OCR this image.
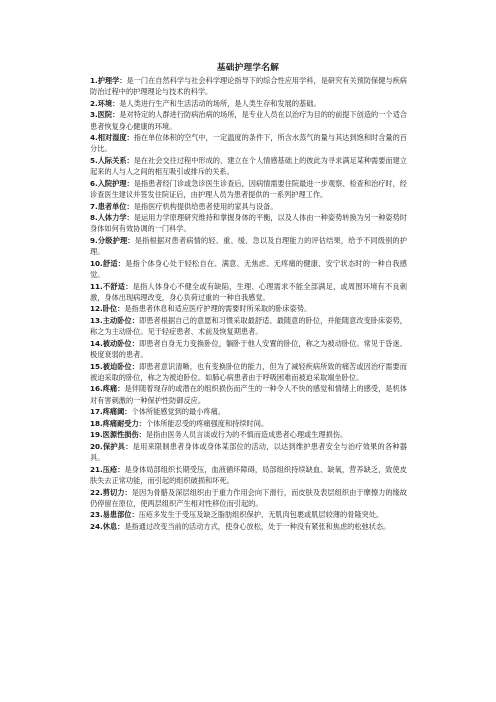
基础护理学名解
1.护理学：是一门在自然科学与社会科学理论指导下的综合性应用学科，是研究有关预防保健与疾病防治过程中的护理理论与技术的科学。
2.环境：是人类进行生产和生活活动的场所，是人类生存和发展的基础。
3.医院：是对特定的人群进行防病治病的场所，是专业人员在以治疗为目的的前提下创造的一个适合患者恢复身心健康的环境。
4.相对湿度：指在单位体积的空气中，一定温度的条件下，所含水蒸气的量与其达到饱和时含量的百分比。
5.人际关系：是在社会交往过程中形成的、建立在个人情感基础上的彼此为寻求满足某种需要而建立起来的人与人之间的相互吸引或排斥的关系。
6.入院护理：是指患者经门诊或急诊医生诊查后，因病情需要住院最进一步观察、检查和治疗时，经诊查医生建议并签发住院证后，由护理人员为患者提供的一系列护理工作。
7.患者单位：是指医疗机构提供给患者使用的家具与设备。
8.人体力学：是运用力学原理研究维持和掌握身体的平衡，以及人体由一种姿势转换为另一种姿势时身体如何有效协调的一门科学。
9.分级护理：是指根据对患者病情的轻、重、缓、急以及自理能力的评估结果，给予不同级别的护理。
10.舒适：是指个体身心处于轻松自在、满意、无焦虑、无疼痛的健康、安宁状态时的一种自我感觉。
11.不舒适：是指人体身心不健全或有缺陷，生理、心理需求不能全部满足，或周围环境有不良刺激，身体出现病理改变，身心负荷过重的一种自我感觉。
12.卧位：是指患者休息和适应医疗护理的需要时所采取的卧床姿势。
13.主动卧位：即患者根据自己的意愿和习惯采取最舒适、最随意的卧位，并能随意改变卧床姿势，称之为主动卧位。见于轻症患者、术前及恢复期患者。
14.被动卧位：即患者自身无力变换卧位，躺卧于他人安置的卧位，称之为被动卧位。常见于昏迷、极度衰弱的患者。
15.被迫卧位：即患者意识清晰，也有变换卧位的能力，但为了减轻疾病所致的痛苦或因治疗需要而被迫采取的卧位，称之为被迫卧位。如肺心病患者由于呼吸困难而被迫采取端坐卧位。
16.疼痛：是伴随着现存的或潜在的组织损伤而产生的一种令人不快的感觉和情绪上的感受，是机体对有害刺激的一种保护性防御反应。
17.疼痛阈：个体所能感觉到的最小疼痛。
18.疼痛耐受力：个体所能忍受的疼痛强度和持续时间。
19.医源性损伤：是指由医务人员言谈或行为的不慎而造成患者心理或生理损伤。
20.保护具：是用来限制患者身体或身体某部位的活动，以达到维护患者安全与治疗效果的各种器具。
21.压疮：是身体局部组织长期受压，血液循环障碍，局部组织持续缺血、缺氧，营养缺乏，致使皮肤失去正常功能，而引起的组织破损和坏死。
22.剪切力：是因为骨骼及深层组织由于重力作用会向下滑行，而皮肤及表层组织由于摩擦力的缘故仍停留在原位，使两层组织产生相对性移位而引起的。
23.易患部位：压疮多发生于受压及缺乏脂肪组织保护、无肌肉包裹或肌层较薄的骨隆突处。
24.休息：是指通过改变当前的活动方式，使身心放松，处于一种没有紧张和焦虑的松弛状态。
